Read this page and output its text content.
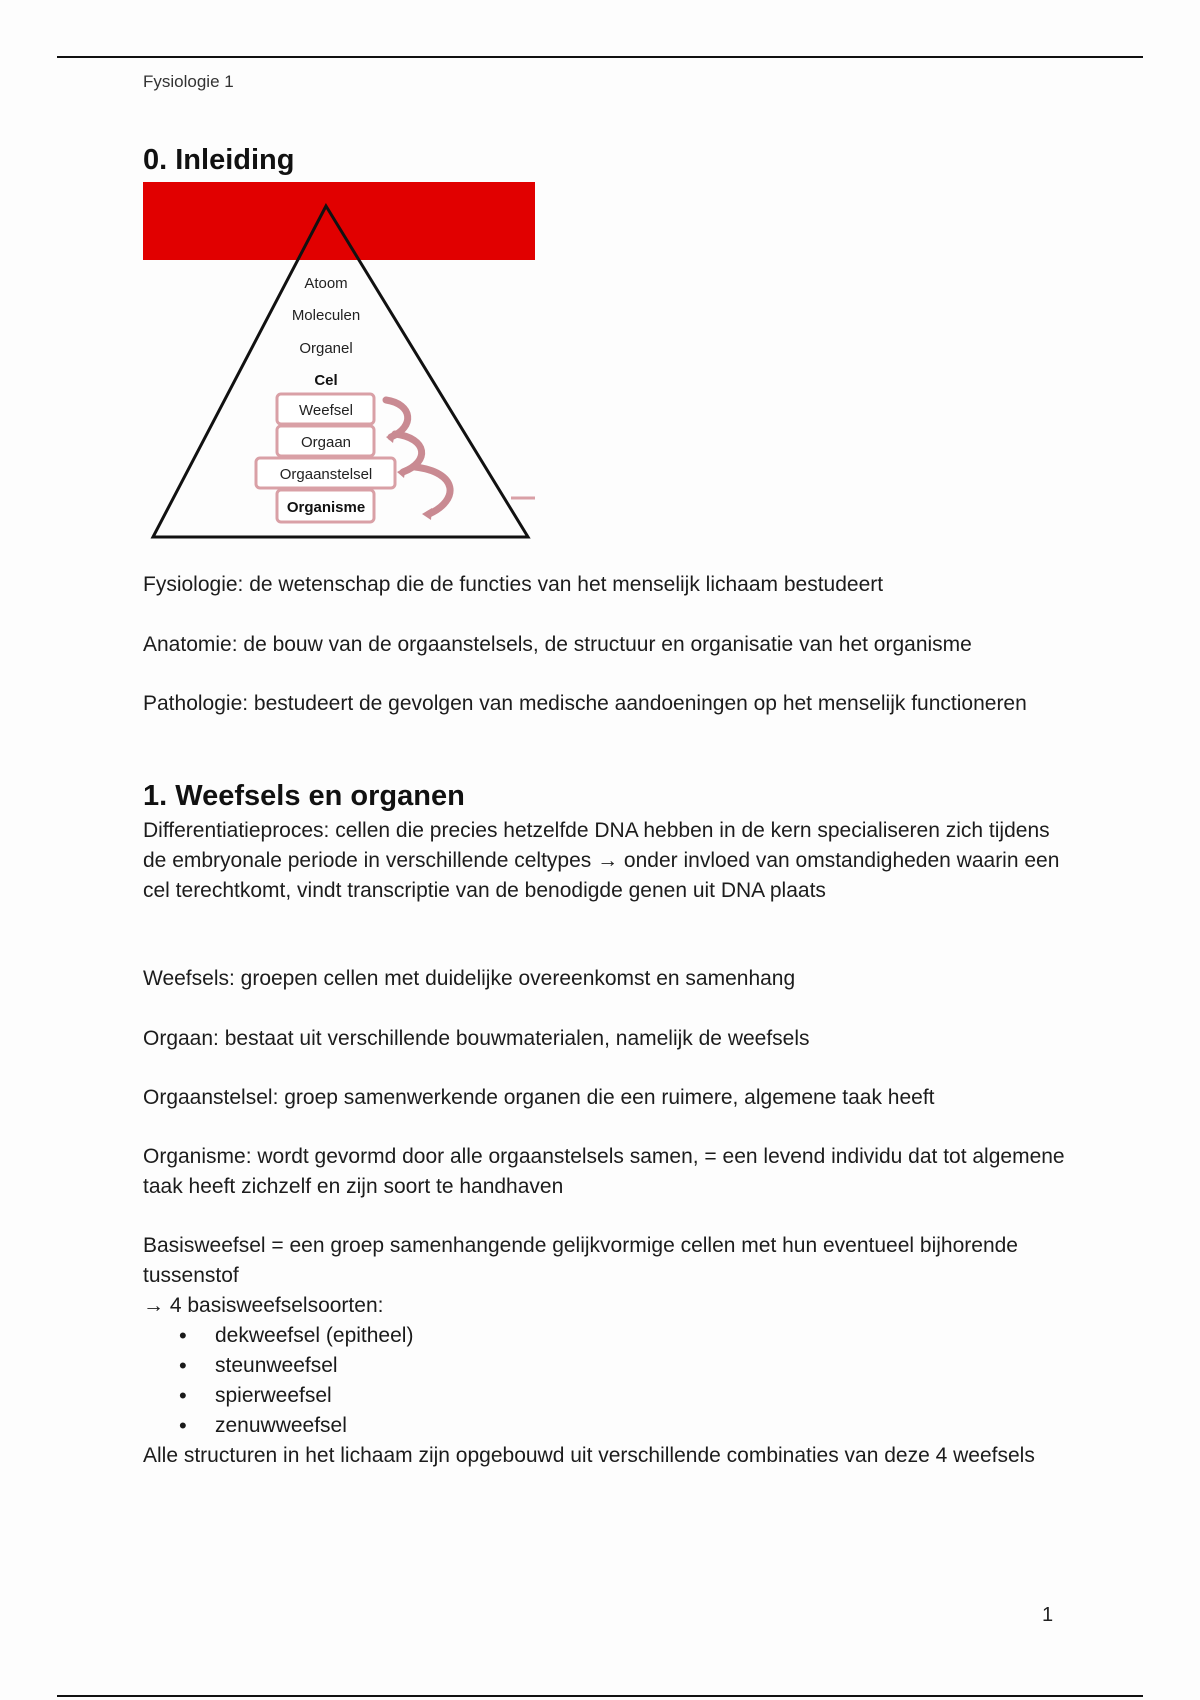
Fysiologie 1
0. Inleiding
Atoom
Moleculen
Organel
Cel
Weefsel
Orgaan
Orgaanstelsel
Organisme

Fysiologie: de wetenschap die de functies van het menselijk lichaam bestudeert

Anatomie: de bouw van de orgaanstelsels, de structuur en organisatie van het organisme

Pathologie: bestudeert de gevolgen van medische aandoeningen op het menselijk functioneren

1. Weefsels en organen

Differentiatieproces: cellen die precies hetzelfde DNA hebben in de kern specialiseren zich tijdens de embryonale periode in verschillende celtypes → onder invloed van omstandigheden waarin een cel terechtkomt, vindt transcriptie van de benodigde genen uit DNA plaats

Weefsels: groepen cellen met duidelijke overeenkomst en samenhang

Orgaan: bestaat uit verschillende bouwmaterialen, namelijk de weefsels

Orgaanstelsel: groep samenwerkende organen die een ruimere, algemene taak heeft

Organisme: wordt gevormd door alle orgaanstelsels samen, = een levend individu dat tot algemene taak heeft zichzelf en zijn soort te handhaven

Basisweefsel = een groep samenhangende gelijkvormige cellen met hun eventueel bijhorende tussenstof

→ 4 basisweefselsoorten:

• dekweefsel (epitheel)
• steunweefsel
• spierweefsel
• zenuwweefsel

Alle structuren in het lichaam zijn opgebouwd uit verschillende combinaties van deze 4 weefsels

1
